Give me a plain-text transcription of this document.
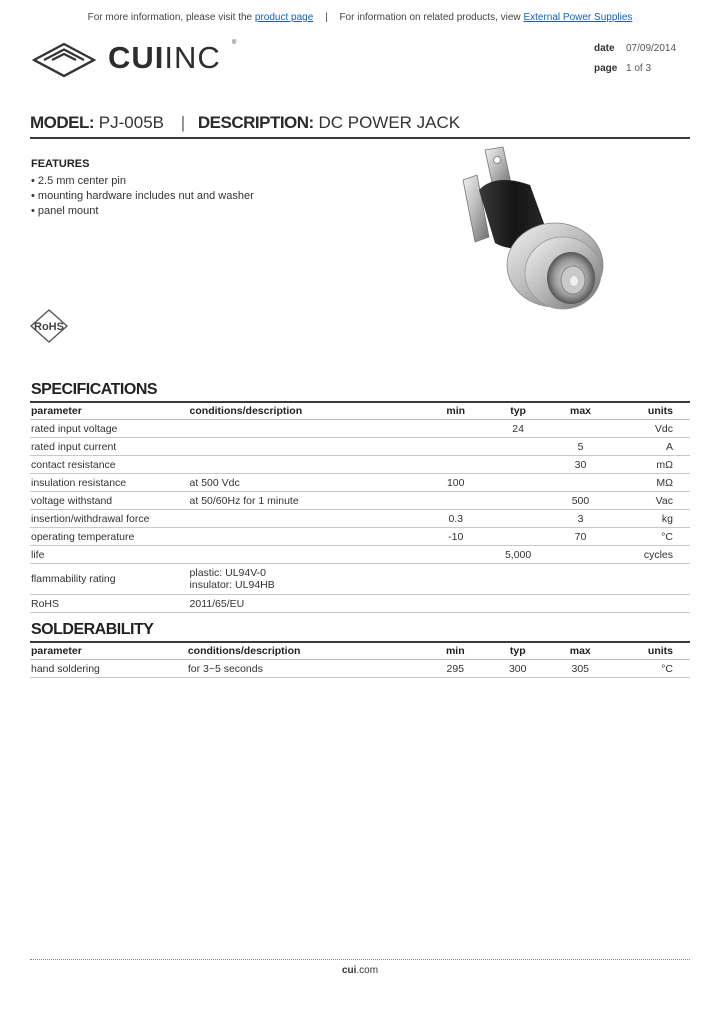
For more information, please visit the product page | For information on related products, view External Power Supplies
®
CUIINC	date 07/09/2014
page 1 of 3
MODEL: PJ-005B | DESCRIPTION: DC POWER JACK
FEATURES
• 2.5 mm center pin
• mounting hardware includes nut and washer
• panel mount
RoHS
SPECIFICATIONS
parameter	conditions/description	min	typ	max	units
rated input voltage			24		Vdc
rated input current				5	A
contact resistance				30	mΩ
insulation resistance	at 500 Vdc	100			MΩ
voltage withstand	at 50/60Hz for 1 minute			500	Vac
insertion/withdrawal force		0.3		3	kg
operating temperature		-10		70	°C
life			5,000		cycles
flammability rating	plastic: UL94V-0
insulator: UL94HB				

RoHS	2011/65/EU				
SOLDERABILITY
parameter	conditions/description	min	typ	max	units
hand soldering	for 3~5 seconds	295	300	305	°C
cui.com
